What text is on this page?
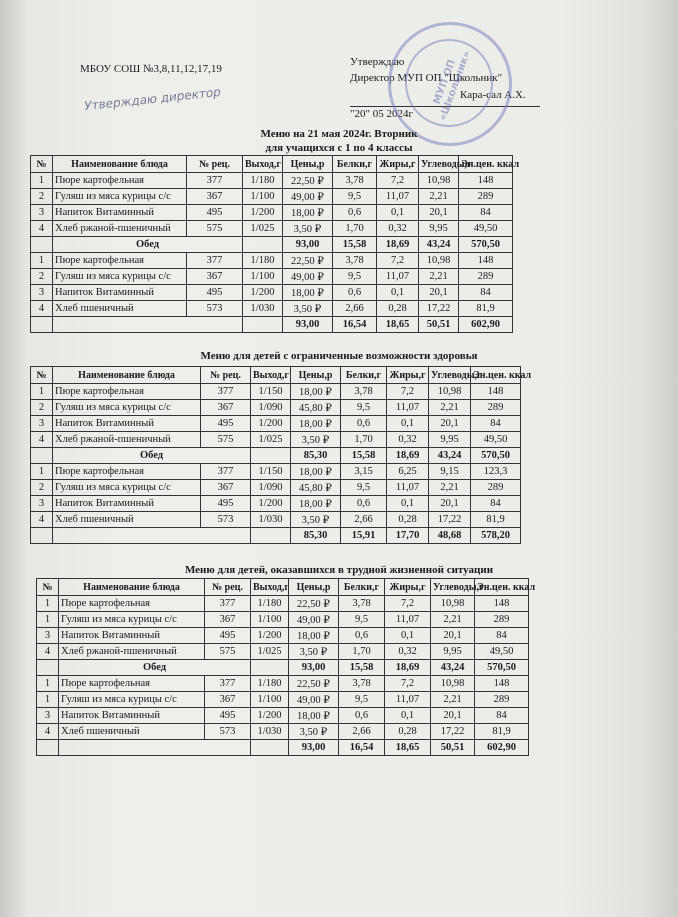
МБОУ СОШ №3,8,11,12,17,19
Утверждаю
Директор МУП ОП "Школьник"
Кара-сал А.Х.
"20" 05 2024г
Утверждаю директор	МУП ОП «Школьник»
Меню на 21 мая 2024г. Вторник
для учащихся с 1 по 4 классы
Меню для детей с ограниченные возможности здоровья
Меню для детей, оказавшихся в трудной жизненной ситуации
№	Наименование блюда	№ рец.	Выход,г	Цены,р	Белки,г	Жиры,г	Углеводы,г	Эн.цен. ккал
1	Пюре картофельная	377	1/180	22,50 ₽	3,78	7,2	10,98	148
2	Гуляш из мяса курицы с/с	367	1/100	49,00 ₽	9,5	11,07	2,21	289
3	Напиток Витаминный	495	1/200	18,00 ₽	0,6	0,1	20,1	84
4	Хлеб ржаной-пшеничный	575	1/025	3,50 ₽	1,70	0,32	9,95	49,50
	Обед			93,00	15,58	18,69	43,24	570,50
1	Пюре картофельная	377	1/180	22,50 ₽	3,78	7,2	10,98	148
2	Гуляш из мяса курицы с/с	367	1/100	49,00 ₽	9,5	11,07	2,21	289
3	Напиток Витаминный	495	1/200	18,00 ₽	0,6	0,1	20,1	84
4	Хлеб пшеничный	573	1/030	3,50 ₽	2,66	0,28	17,22	81,9
				93,00	16,54	18,65	50,51	602,90
№	Наименование блюда	№ рец.	Выход,г	Цены,р	Белки,г	Жиры,г	Углеводы,г	Эн.цен. ккал
1	Пюре картофельная	377	1/150	18,00 ₽	3,78	7,2	10,98	148
2	Гуляш из мяса курицы с/с	367	1/090	45,80 ₽	9,5	11,07	2,21	289
3	Напиток Витаминный	495	1/200	18,00 ₽	0,6	0,1	20,1	84
4	Хлеб ржаной-пшеничный	575	1/025	3,50 ₽	1,70	0,32	9,95	49,50
	Обед			85,30	15,58	18,69	43,24	570,50
1	Пюре картофельная	377	1/150	18,00 ₽	3,15	6,25	9,15	123,3
2	Гуляш из мяса курицы с/с	367	1/090	45,80 ₽	9,5	11,07	2,21	289
3	Напиток Витаминный	495	1/200	18,00 ₽	0,6	0,1	20,1	84
4	Хлеб пшеничный	573	1/030	3,50 ₽	2,66	0,28	17,22	81,9
				85,30	15,91	17,70	48,68	578,20
№	Наименование блюда	№ рец.	Выход,г	Цены,р	Белки,г	Жиры,г	Углеводы,г	Эн.цен. ккал
1	Пюре картофельная	377	1/180	22,50 ₽	3,78	7,2	10,98	148
1	Гуляш из мяса курицы с/с	367	1/100	49,00 ₽	9,5	11,07	2,21	289
3	Напиток Витаминный	495	1/200	18,00 ₽	0,6	0,1	20,1	84
4	Хлеб ржаной-пшеничный	575	1/025	3,50 ₽	1,70	0,32	9,95	49,50
	Обед			93,00	15,58	18,69	43,24	570,50
1	Пюре картофельная	377	1/180	22,50 ₽	3,78	7,2	10,98	148
1	Гуляш из мяса курицы с/с	367	1/100	49,00 ₽	9,5	11,07	2,21	289
3	Напиток Витаминный	495	1/200	18,00 ₽	0,6	0,1	20,1	84
4	Хлеб пшеничный	573	1/030	3,50 ₽	2,66	0,28	17,22	81,9
				93,00	16,54	18,65	50,51	602,90
